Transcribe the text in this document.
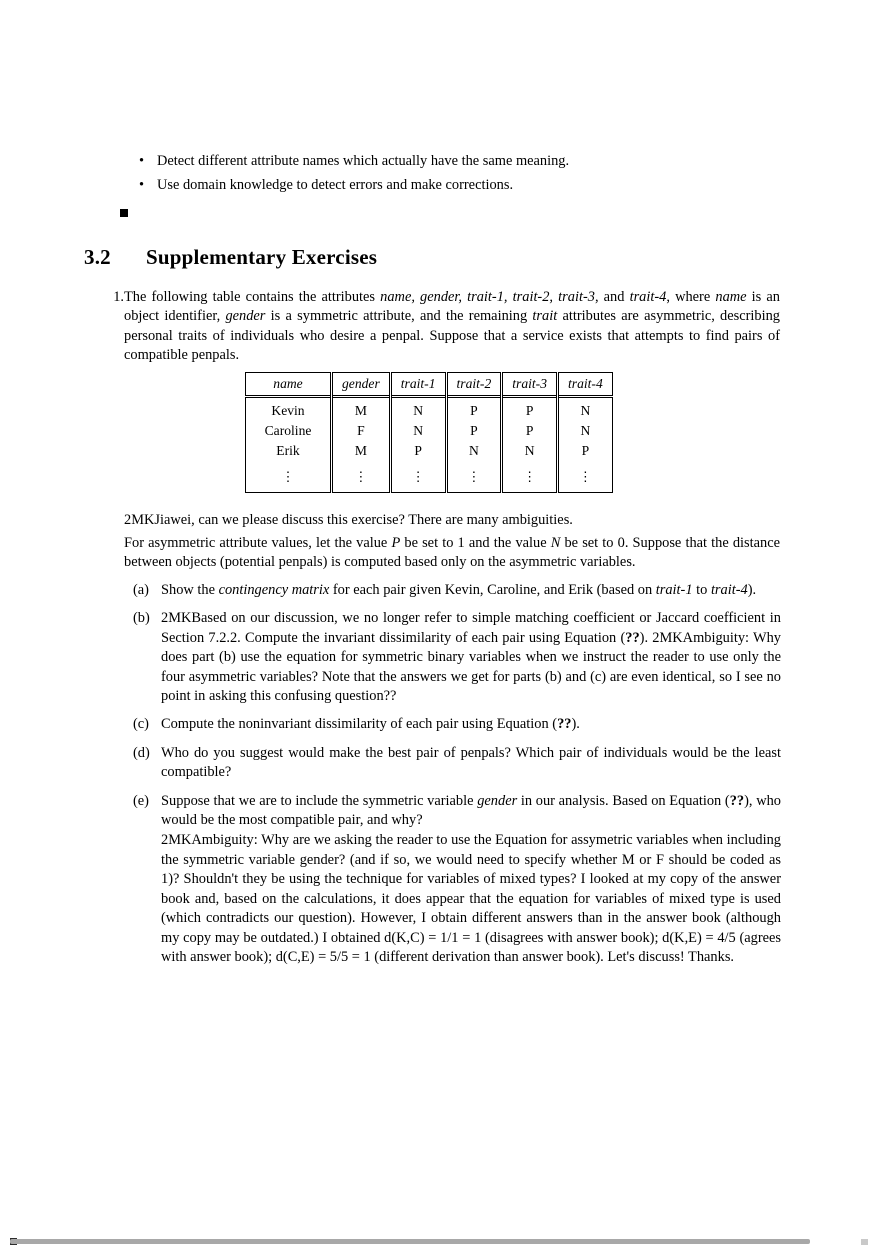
• Detect different attribute names which actually have the same meaning.
• Use domain knowledge to detect errors and make corrections.
3.2 Supplementary Exercises
1. The following table contains the attributes name, gender, trait-1, trait-2, trait-3, and trait-4, where name is an object identifier, gender is a symmetric attribute, and the remaining trait attributes are asymmetric, describing personal traits of individuals who desire a penpal. Suppose that a service exists that attempts to find pairs of compatible penpals.
name	gender	trait-1	trait-2	trait-3	trait-4
Kevin	M	N	P	P	N
Caroline	F	N	P	P	N
Erik	M	P	N	N	P
⋮	⋮	⋮	⋮	⋮	⋮
2MKJiawei, can we please discuss this exercise? There are many ambiguities.
For asymmetric attribute values, let the value P be set to 1 and the value N be set to 0. Suppose that the distance between objects (potential penpals) is computed based only on the asymmetric variables.
(a) Show the contingency matrix for each pair given Kevin, Caroline, and Erik (based on trait-1 to trait-4).

(b) 2MKBased on our discussion, we no longer refer to simple matching coefficient or Jaccard coefficient in Section 7.2.2. Compute the invariant dissimilarity of each pair using Equation (??). 2MKAmbiguity: Why does part (b) use the equation for symmetric binary variables when we instruct the reader to use only the four asymmetric variables? Note that the answers we get for parts (b) and (c) are even identical, so I see no point in asking this confusing question??

(c) Compute the noninvariant dissimilarity of each pair using Equation (??).

(d) Who do you suggest would make the best pair of penpals? Which pair of individuals would be the least compatible?

(e) Suppose that we are to include the symmetric variable gender in our analysis. Based on Equation (??), who would be the most compatible pair, and why?

2MKAmbiguity: Why are we asking the reader to use the Equation for assymetric variables when including the symmetric variable gender? (and if so, we would need to specify whether M or F should be coded as 1)? Shouldn't they be using the technique for variables of mixed types? I looked at my copy of the answer book and, based on the calculations, it does appear that the equation for variables of mixed type is used (which contradicts our question). However, I obtain different answers than in the answer book (although my copy may be outdated.) I obtained d(K,C) = 1/1 = 1 (disagrees with answer book); d(K,E) = 4/5 (agrees with answer book); d(C,E) = 5/5 = 1 (different derivation than answer book). Let's discuss! Thanks.
